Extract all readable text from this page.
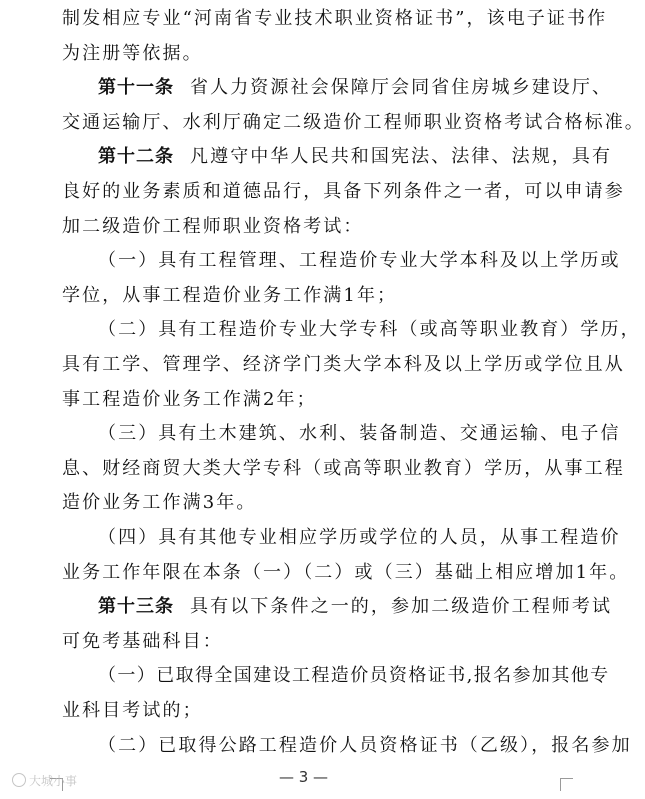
制发相应专业“河南省专业技术职业资格证书”，该电子证书作
为注册等依据。
第十一条 省人力资源社会保障厅会同省住房城乡建设厅、
交通运输厅、水利厅确定二级造价工程师职业资格考试合格标准。
第十二条 凡遵守中华人民共和国宪法、法律、法规，具有
良好的业务素质和道德品行，具备下列条件之一者，可以申请参
加二级造价工程师职业资格考试：
（一）具有工程管理、工程造价专业大学本科及以上学历或
学位，从事工程造价业务工作满1年；
（二）具有工程造价专业大学专科（或高等职业教育）学历，
具有工学、管理学、经济学门类大学本科及以上学历或学位且从
事工程造价业务工作满2年；
（三）具有土木建筑、水利、装备制造、交通运输、电子信
息、财经商贸大类大学专科（或高等职业教育）学历，从事工程
造价业务工作满3年。
（四）具有其他专业相应学历或学位的人员，从事工程造价
业务工作年限在本条（一）（二）或（三）基础上相应增加1年。
第十三条 具有以下条件之一的，参加二级造价工程师考试
可免考基础科目：
（一）已取得全国建设工程造价员资格证书,报名参加其他专
业科目考试的；
（二）已取得公路工程造价人员资格证书（乙级），报名参加
大城小事	— 3 —
